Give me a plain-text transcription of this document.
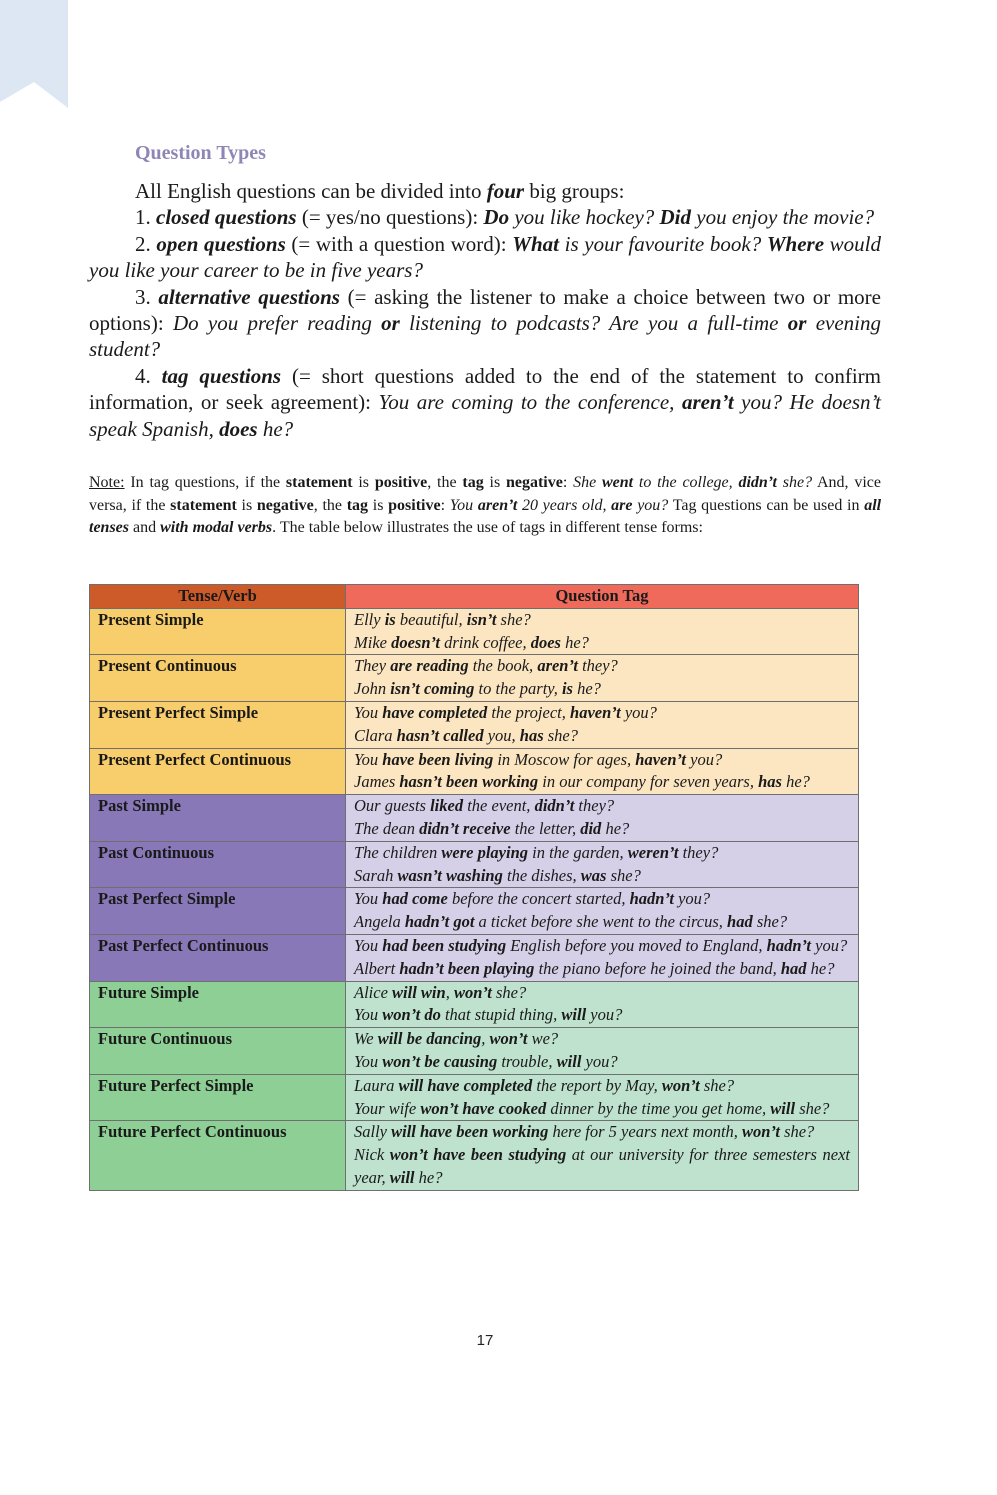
Question Types

All English questions can be divided into four big groups:

1. closed questions (= yes/no questions): Do you like hockey? Did you enjoy the movie?

2. open questions (= with a question word): What is your favourite book? Where would you like your career to be in five years?

3. alternative questions (= asking the listener to make a choice between two or more options): Do you prefer reading or listening to podcasts? Are you a full-time or evening student?

4. tag questions (= short questions added to the end of the statement to confirm information, or seek agreement): You are coming to the conference, aren’t you? He doesn’t speak Spanish, does he?

Note: In tag questions, if the statement is positive, the tag is negative: She went to the college, didn’t she? And, vice versa, if the statement is negative, the tag is positive: You aren’t 20 years old, are you? Tag questions can be used in all tenses and with modal verbs. The table below illustrates the use of tags in different tense forms:

Tense/Verb	Question Tag
Present Simple	Elly is beautiful, isn’t she?
Mike doesn’t drink coffee, does he?

Present Continuous	They are reading the book, aren’t they?
John isn’t coming to the party, is he?

Present Perfect Simple	You have completed the project, haven’t you?
Clara hasn’t called you, has she?

Present Perfect Continuous	You have been living in Moscow for ages, haven’t you?
James hasn’t been working in our company for seven years, has he?

Past Simple	Our guests liked the event, didn’t they?
The dean didn’t receive the letter, did he?

Past Continuous	The children were playing in the garden, weren’t they?
Sarah wasn’t washing the dishes, was she?

Past Perfect Simple	You had come before the concert started, hadn’t you?
Angela hadn’t got a ticket before she went to the circus, had she?

Past Perfect Continuous	You had been studying English before you moved to England, hadn’t you?
Albert hadn’t been playing the piano before he joined the band, had he?

Future Simple	Alice will win, won’t she?
You won’t do that stupid thing, will you?

Future Continuous	We will be dancing, won’t we?
You won’t be causing trouble, will you?

Future Perfect Simple	Laura will have completed the report by May, won’t she?
Your wife won’t have cooked dinner by the time you get home, will she?

Future Perfect Continuous	Sally will have been working here for 5 years next month, won’t she?
Nick won’t have been studying at our university for three semesters next year, will he?
17
